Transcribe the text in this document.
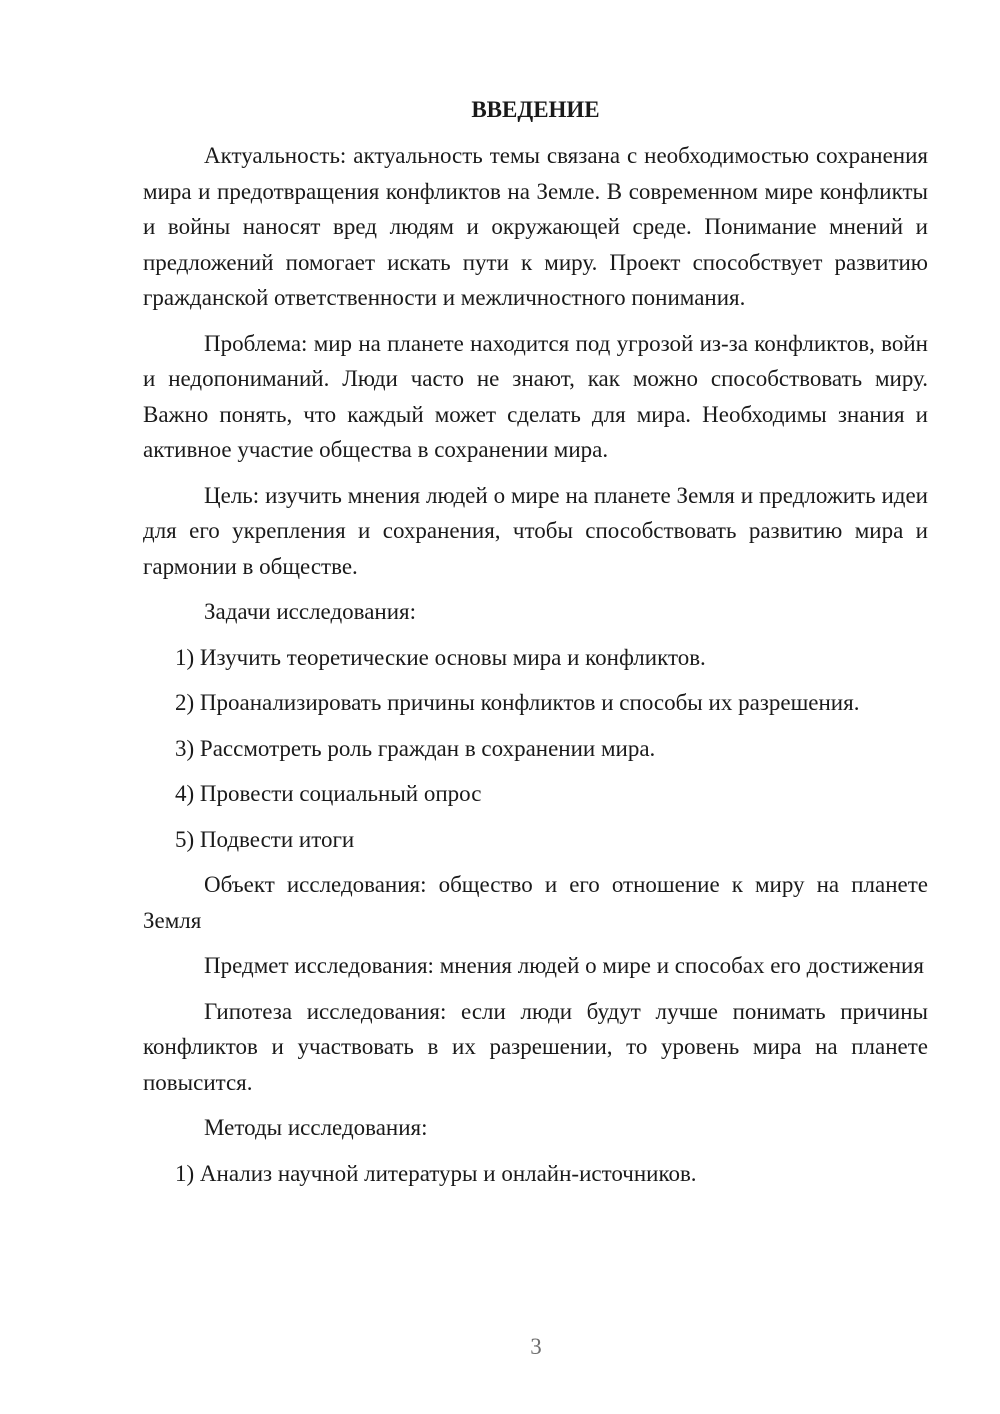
ВВЕДЕНИЕ

Актуальность: актуальность темы связана с необходимостью сохранения мира и предотвращения конфликтов на Земле. В современном мире конфликты и войны наносят вред людям и окружающей среде. Понимание мнений и предложений помогает искать пути к миру. Проект способствует развитию гражданской ответственности и межличностного понимания.

Проблема: мир на планете находится под угрозой из-за конфликтов, войн и недопониманий. Люди часто не знают, как можно способствовать миру. Важно понять, что каждый может сделать для мира. Необходимы знания и активное участие общества в сохранении мира.

Цель: изучить мнения людей о мире на планете Земля и предложить идеи для его укрепления и сохранения, чтобы способствовать развитию мира и гармонии в обществе.

Задачи исследования:

1) Изучить теоретические основы мира и конфликтов.

2) Проанализировать причины конфликтов и способы их разрешения.

3) Рассмотреть роль граждан в сохранении мира.

4) Провести социальный опрос

5) Подвести итоги

Объект исследования: общество и его отношение к миру на планете Земля

Предмет исследования: мнения людей о мире и способах его достижения

Гипотеза исследования: если люди будут лучше понимать причины конфликтов и участвовать в их разрешении, то уровень мира на планете повысится.

Методы исследования:

1) Анализ научной литературы и онлайн-источников.

3
